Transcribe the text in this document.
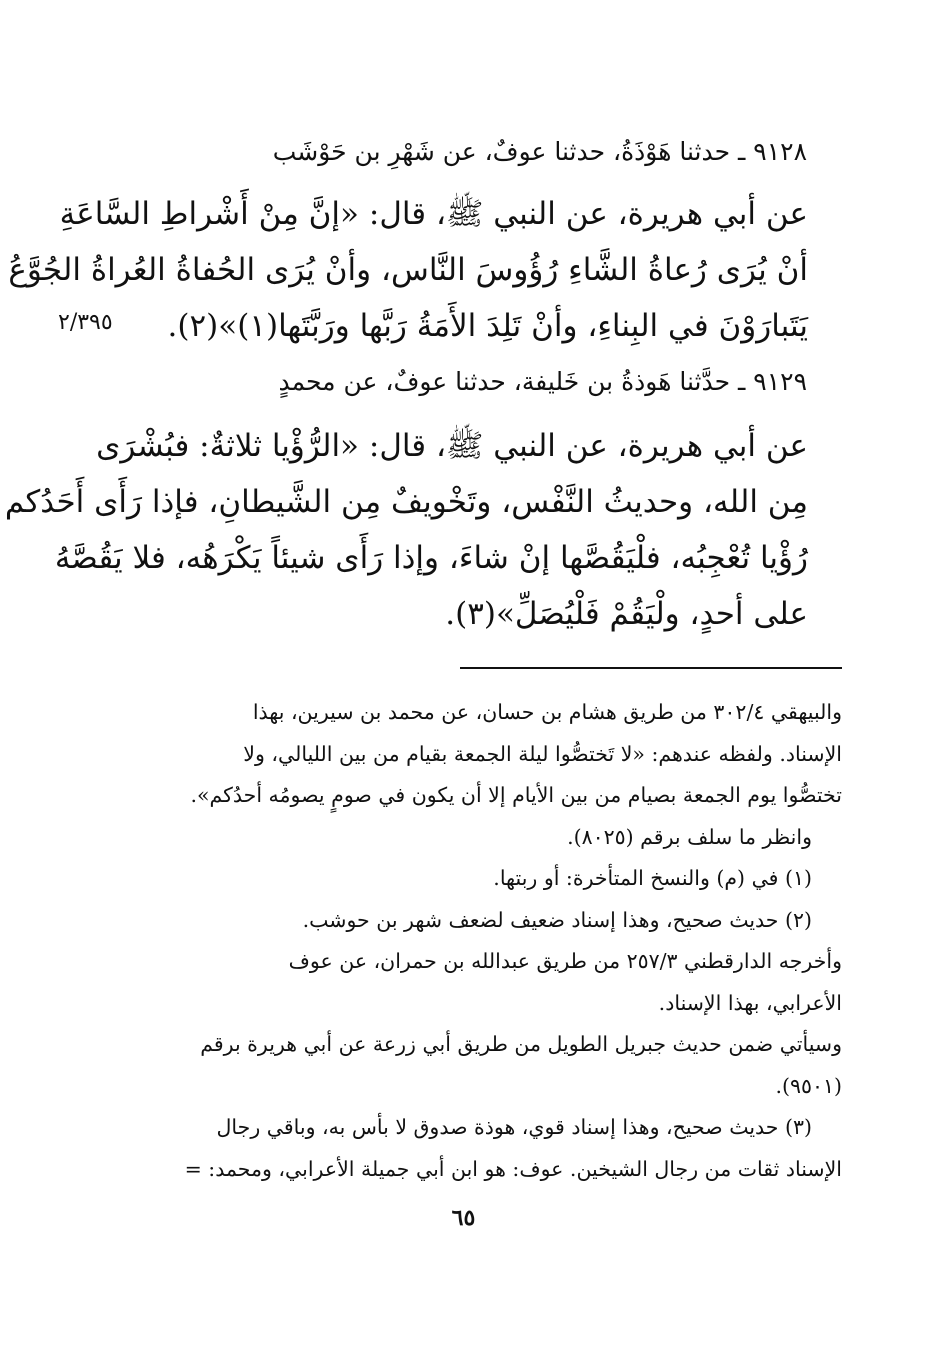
٩١٢٨ ـ حدثنا هَوْذَةُ، حدثنا عوفٌ، عن شَهْرِ بن حَوْشَب
عن أبي هريرة، عن النبي ﷺ، قال: «إنَّ مِنْ أَشْراطِ السَّاعَةِ
أنْ يُرَى رُعاةُ الشَّاءِ رُؤُوسَ النَّاس، وأنْ يُرَى الحُفاةُ العُراةُ الجُوَّعُ
يَتَبارَوْنَ في البِناءِ، وأنْ تَلِدَ الأَمَةُ رَبَّها ورَبَّتَها(١)»(٢).
٢/٣٩٥
٩١٢٩ ـ حدَّثنا هَوذةُ بن خَليفة، حدثنا عوفٌ، عن محمدٍ
عن أبي هريرة، عن النبي ﷺ، قال: «الرُّؤْيا ثلاثةٌ: فبُشْرَى
مِن الله، وحديثُ النَّفْس، وتَخْويفٌ مِن الشَّيطانِ، فإذا رَأَى أَحَدُكم
رُؤْيا تُعْجِبُه، فلْيَقُصَّها إنْ شاءَ، وإذا رَأَى شيئاً يَكْرَهُه، فلا يَقُصَّهُ
على أحدٍ، ولْيَقُمْ فَلْيُصَلِّ»(٣).
والبيهقي ٣٠٢/٤ من طريق هشام بن حسان، عن محمد بن سيرين، بهذا
الإسناد. ولفظه عندهم: «لا تَختصُّوا ليلة الجمعة بقيام من بين الليالي، ولا
تختصُّوا يوم الجمعة بصيام من بين الأيام إلا أن يكون في صومٍ يصومُه أحدُكم».
وانظر ما سلف برقم (٨٠٢٥).
(١) في (م) والنسخ المتأخرة: أو ربتها.
(٢) حديث صحيح، وهذا إسناد ضعيف لضعف شهر بن حوشب.
وأخرجه الدارقطني ٢٥٧/٣ من طريق عبدالله بن حمران، عن عوف
الأعرابي، بهذا الإسناد.
وسيأتي ضمن حديث جبريل الطويل من طريق أبي زرعة عن أبي هريرة برقم
(٩٥٠١).
(٣) حديث صحيح، وهذا إسناد قوي، هوذة صدوق لا بأس به، وباقي رجال
الإسناد ثقات من رجال الشيخين. عوف: هو ابن أبي جميلة الأعرابي، ومحمد: =
٦٥
